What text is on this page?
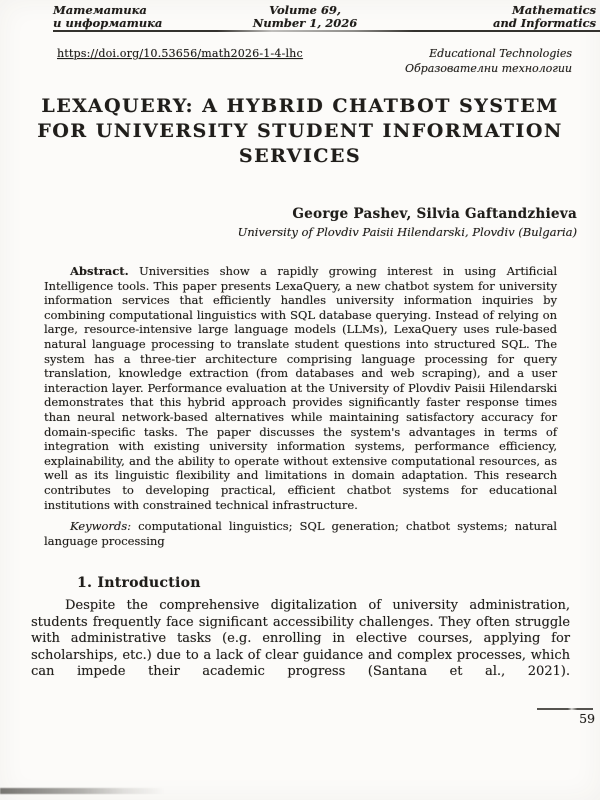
Математика
и информатика
Volume 69,
Number 1, 2026
Mathematics
and Informatics
https://doi.org/10.53656/math2026-1-4-lhc	Educational Technologies
Образователни технологии
LEXAQUERY: A HYBRID CHATBOT SYSTEM
FOR UNIVERSITY STUDENT INFORMATION
SERVICES
George Pashev, Silvia Gaftandzhieva
University of Plovdiv Paisii Hilendarski, Plovdiv (Bulgaria)

Abstract. Universities show a rapidly growing interest in using Artificial Intelligence tools. This paper presents LexaQuery, a new chatbot system for university information services that efficiently handles university information inquiries by combining computational linguistics with SQL database querying. Instead of relying on large, resource-intensive large language models (LLMs), LexaQuery uses rule-based natural language processing to translate student questions into structured SQL. The system has a three-tier architecture comprising language processing for query translation, knowledge extraction (from databases and web scraping), and a user interaction layer. Performance evaluation at the University of Plovdiv Paisii Hilendarski demonstrates that this hybrid approach provides significantly faster response times than neural network-based alternatives while maintaining satisfactory accuracy for domain-specific tasks. The paper discusses the system's advantages in terms of integration with existing university information systems, performance efficiency, explainability, and the ability to operate without extensive computational resources, as well as its linguistic flexibility and limitations in domain adaptation. This research contributes to developing practical, efficient chatbot systems for educational institutions with constrained technical infrastructure.

Keywords: computational linguistics; SQL generation; chatbot systems; natural language processing

1. Introduction

Despite the comprehensive digitalization of university administration, students frequently face significant accessibility challenges. They often struggle with administrative tasks (e.g. enrolling in elective courses, applying for scholarships, etc.) due to a lack of clear guidance and complex processes, which can impede their academic progress (Santana et al., 2021).

59
